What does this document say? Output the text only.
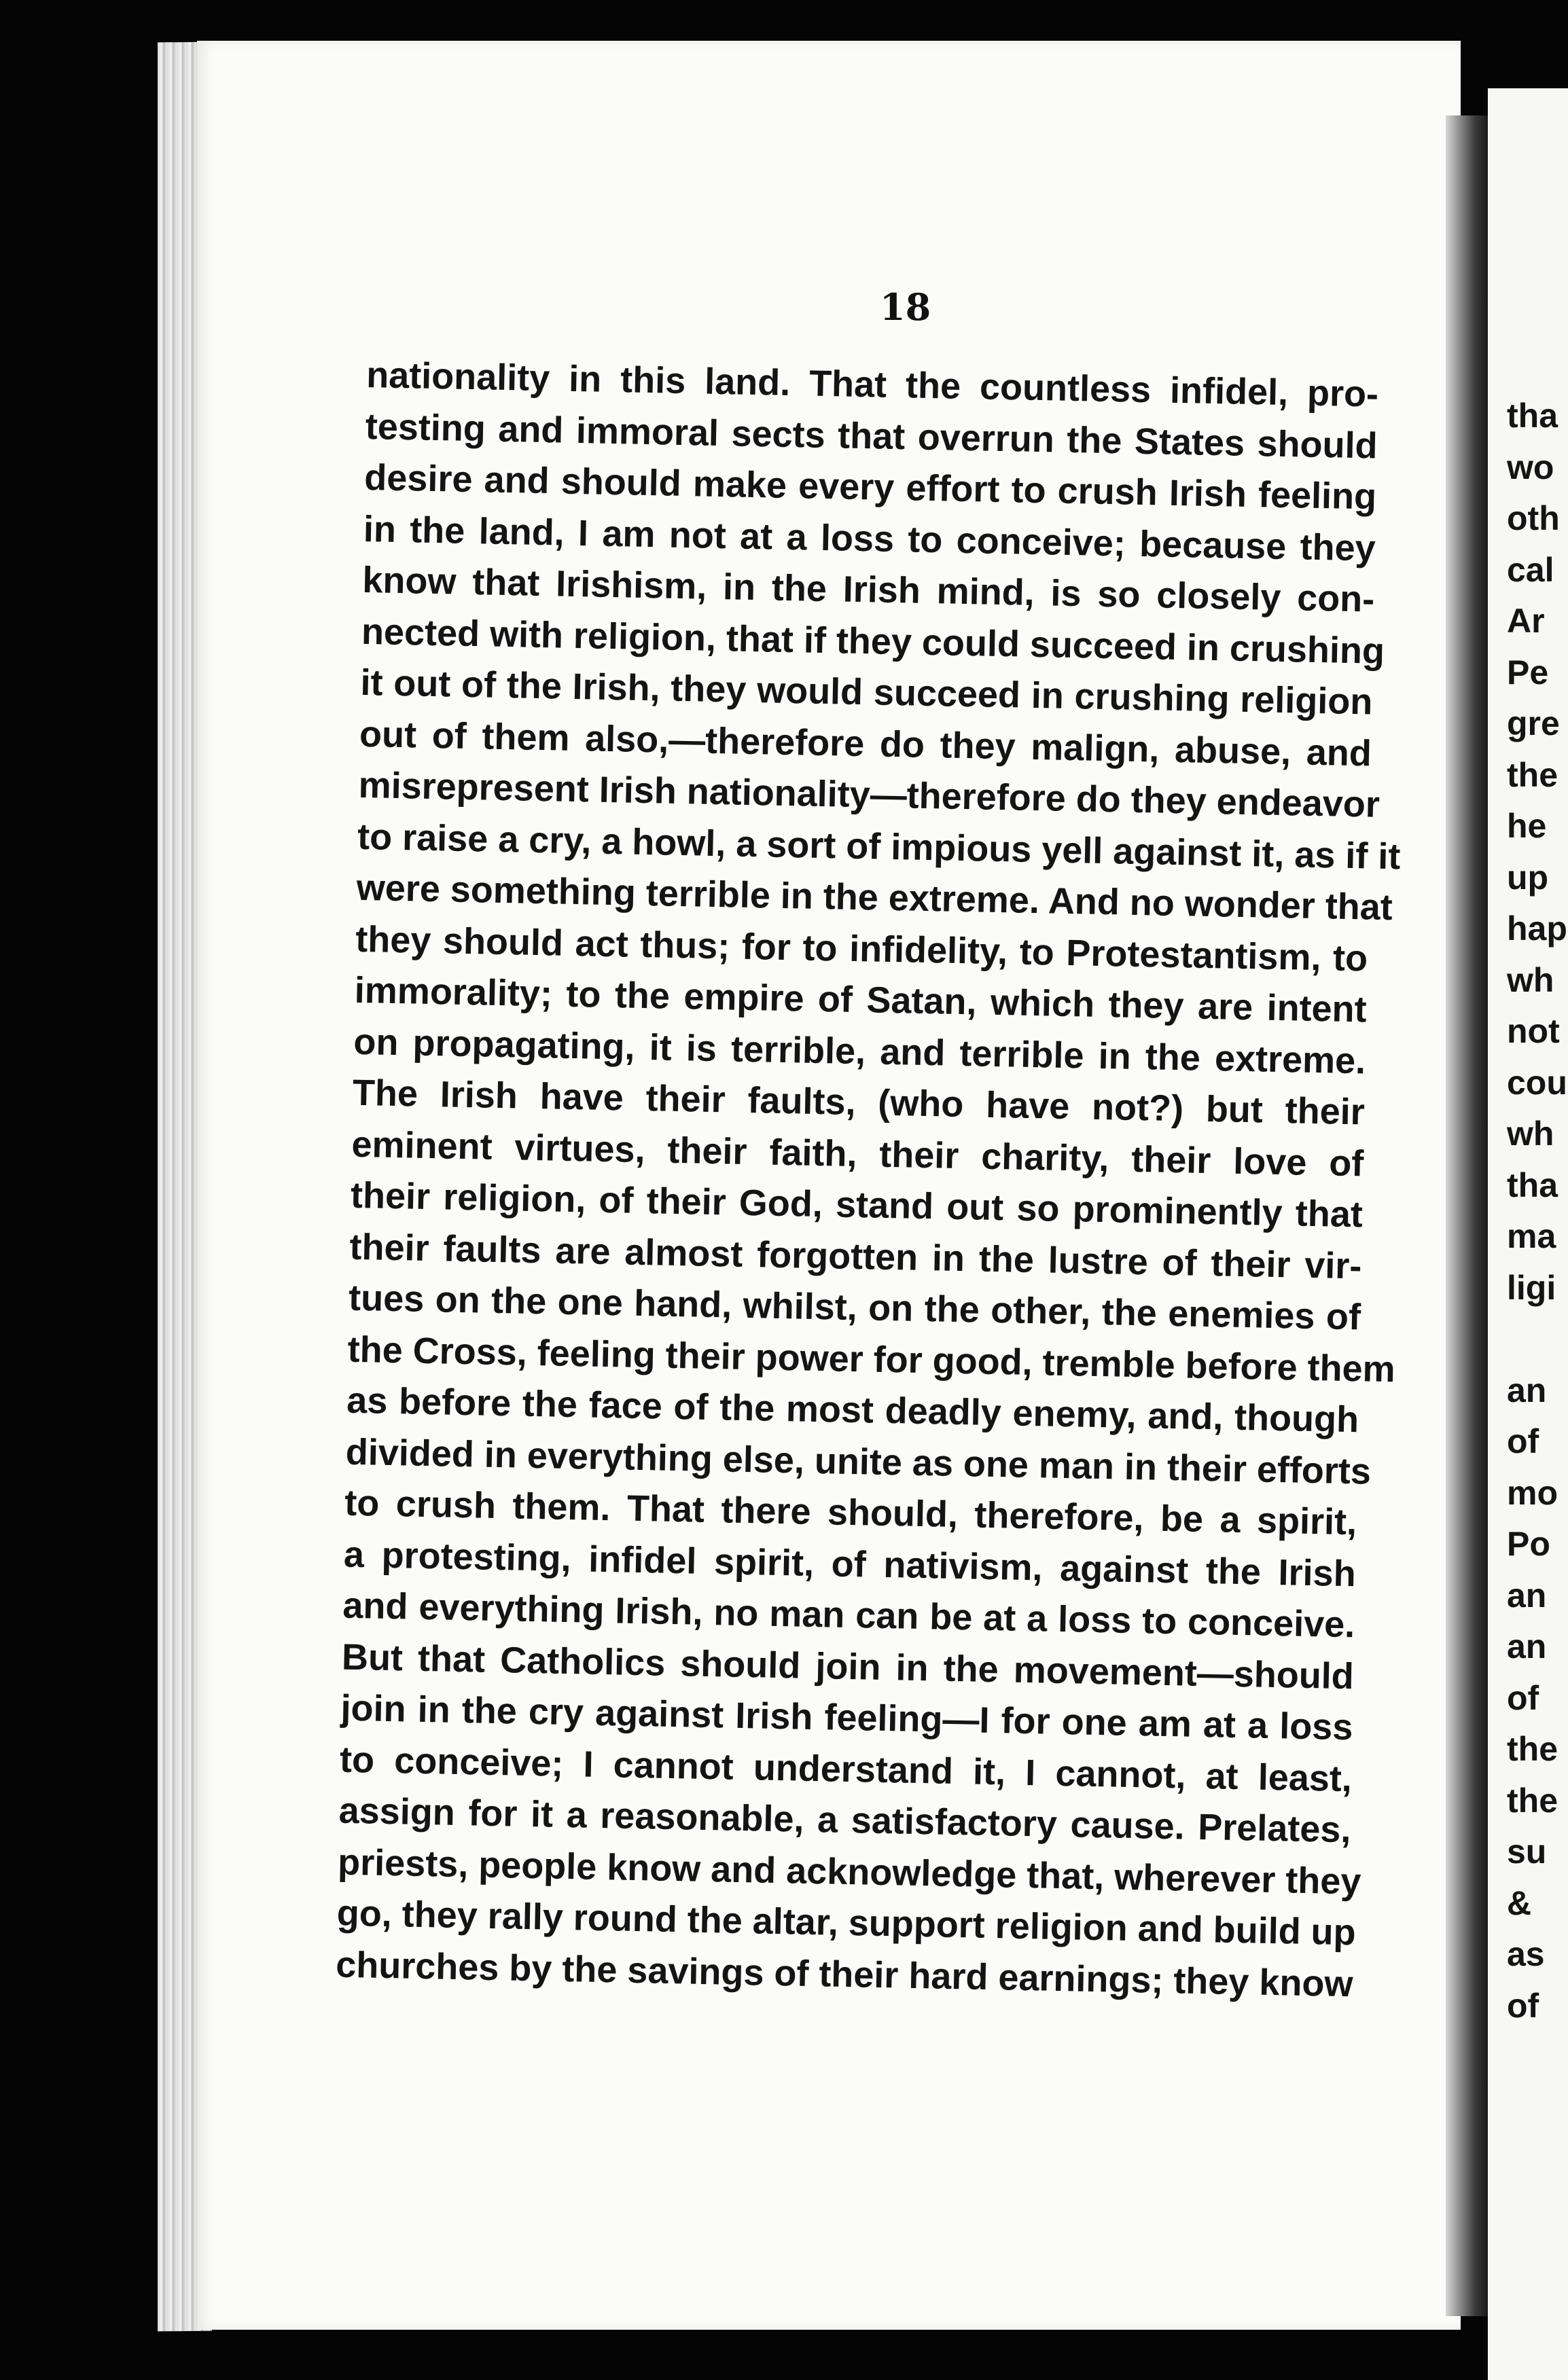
18
nationality in this land. That the countless infidel, pro-
testing and immoral sects that overrun the States should
desire and should make every effort to crush Irish feeling
in the land, I am not at a loss to conceive; because they
know that Irishism, in the Irish mind, is so closely con-
nected with religion, that if they could succeed in crushing
it out of the Irish, they would succeed in crushing religion
out of them also,—therefore do they malign, abuse, and
misrepresent Irish nationality—therefore do they endeavor
to raise a cry, a howl, a sort of impious yell against it, as if it
were something terrible in the extreme. And no wonder that
they should act thus; for to infidelity, to Protestantism, to
immorality; to the empire of Satan, which they are intent
on propagating, it is terrible, and terrible in the extreme.
The Irish have their faults, (who have not?) but their
eminent virtues, their faith, their charity, their love of
their religion, of their God, stand out so prominently that
their faults are almost forgotten in the lustre of their vir-
tues on the one hand, whilst, on the other, the enemies of
the Cross, feeling their power for good, tremble before them
as before the face of the most deadly enemy, and, though
divided in everything else, unite as one man in their efforts
to crush them. That there should, therefore, be a spirit,
a protesting, infidel spirit, of nativism, against the Irish
and everything Irish, no man can be at a loss to conceive.
But that Catholics should join in the movement—should
join in the cry against Irish feeling—I for one am at a loss
to conceive; I cannot understand it, I cannot, at least,
assign for it a reasonable, a satisfactory cause. Prelates,
priests, people know and acknowledge that, wherever they
go, they rally round the altar, support religion and build up
churches by the savings of their hard earnings; they know
tha
wo
oth
cal
Ar
Pe
gre
the
he
up
hap
wh
not
cou
wh
tha
ma
ligi
an
of
mo
Po
an
an
of
the
the
su
&
as
of
